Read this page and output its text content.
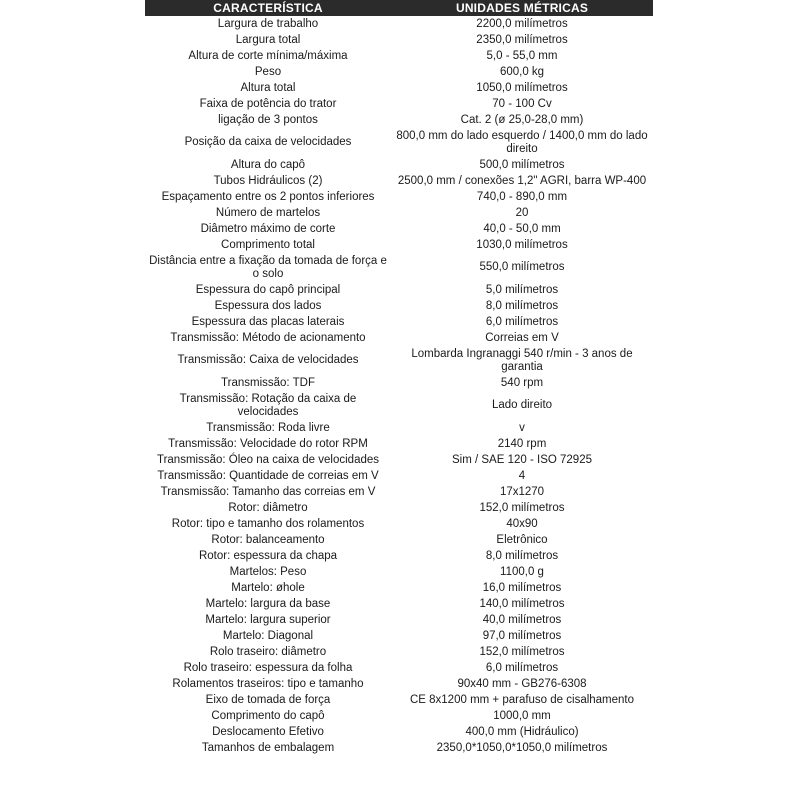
CARACTERÍSTICA	UNIDADES MÉTRICAS
Largura de trabalho	2200,0 milímetros
Largura total	2350,0 milímetros
Altura de corte mínima/máxima	5,0 - 55,0 mm
Peso	600,0 kg
Altura total	1050,0 milímetros
Faixa de potência do trator	70 - 100 Cv
ligação de 3 pontos	Cat. 2 (ø 25,0-28,0 mm)
Posição da caixa de velocidades	800,0 mm do lado esquerdo / 1400,0 mm do lado direito
Altura do capô	500,0 milímetros
Tubos Hidráulicos (2)	2500,0 mm / conexões 1,2" AGRI, barra WP-400
Espaçamento entre os 2 pontos inferiores	740,0 - 890,0 mm
Número de martelos	20
Diâmetro máximo de corte	40,0 - 50,0 mm
Comprimento total	1030,0 milímetros
Distância entre a fixação da tomada de força e o solo	550,0 milímetros
Espessura do capô principal	5,0 milímetros
Espessura dos lados	8,0 milímetros
Espessura das placas laterais	6,0 milímetros
Transmissão: Método de acionamento	Correias em V
Transmissão: Caixa de velocidades	Lombarda Ingranaggi 540 r/min - 3 anos de garantia
Transmissão: TDF	540 rpm
Transmissão: Rotação da caixa de velocidades	Lado direito
Transmissão: Roda livre	v
Transmissão: Velocidade do rotor RPM	2140 rpm
Transmissão: Óleo na caixa de velocidades	Sim / SAE 120 - ISO 72925
Transmissão: Quantidade de correias em V	4
Transmissão: Tamanho das correias em V	17x1270
Rotor: diâmetro	152,0 milímetros
Rotor: tipo e tamanho dos rolamentos	40x90
Rotor: balanceamento	Eletrônico
Rotor: espessura da chapa	8,0 milímetros
Martelos: Peso	1100,0 g
Martelo: øhole	16,0 milímetros
Martelo: largura da base	140,0 milímetros
Martelo: largura superior	40,0 milímetros
Martelo: Diagonal	97,0 milímetros
Rolo traseiro: diâmetro	152,0 milímetros
Rolo traseiro: espessura da folha	6,0 milímetros
Rolamentos traseiros: tipo e tamanho	90x40 mm - GB276-6308
Eixo de tomada de força	CE 8x1200 mm + parafuso de cisalhamento
Comprimento do capô	1000,0 mm
Deslocamento Efetivo	400,0 mm (Hidráulico)
Tamanhos de embalagem	2350,0*1050,0*1050,0 milímetros
